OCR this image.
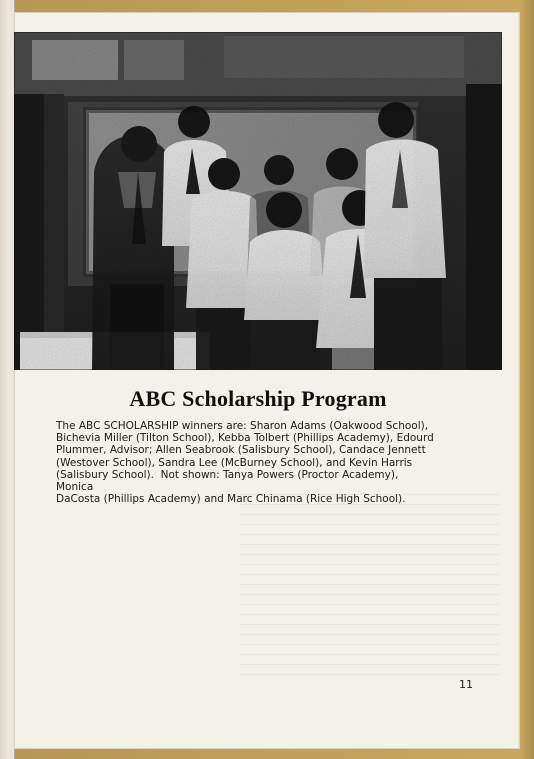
ABC Scholarship Program
The ABC SCHOLARSHIP winners are: Sharon Adams (Oakwood School),
Bichevia Miller (Tilton School), Kebba Tolbert (Phillips Academy), Edourd
Plummer, Advisor; Allen Seabrook (Salisbury School), Candace Jennett
(Westover School), Sandra Lee (McBurney School), and Kevin Harris
(Salisbury School).  Not shown: Tanya Powers (Proctor Academy), Monica
DaCosta (Phillips Academy) and Marc Chinama (Rice High School).
11
